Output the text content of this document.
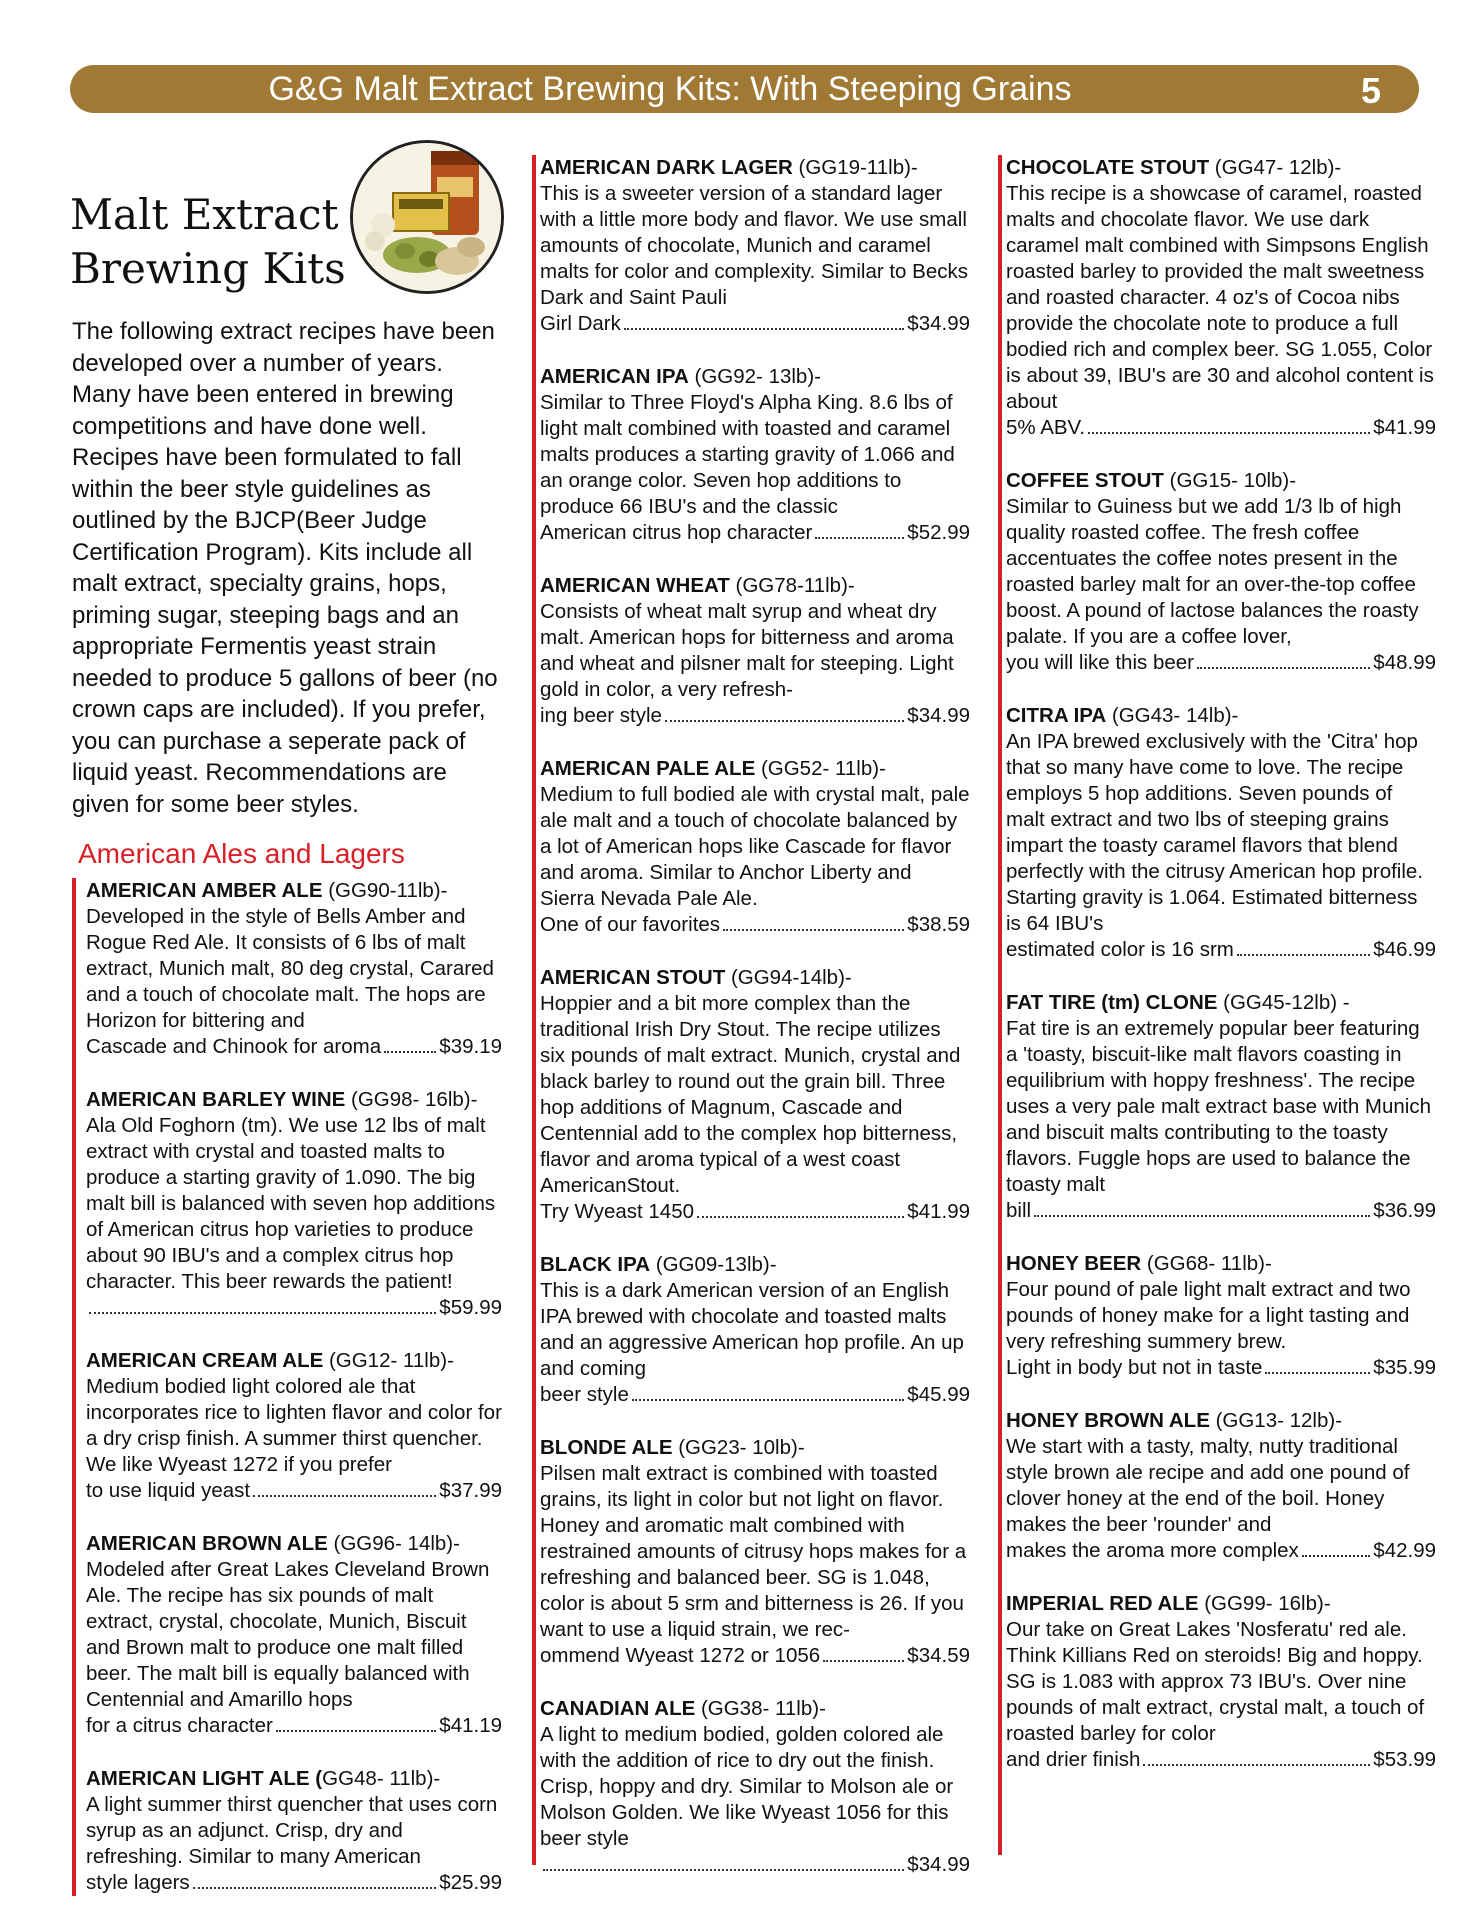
G&G Malt Extract Brewing Kits: With Steeping Grains	5
Malt Extract Brewing Kits
The following extract recipes have been developed over a number of years. Many have been entered in brewing competitions and have done well. Recipes have been formulated to fall within the beer style guidelines as outlined by the BJCP(Beer Judge Certification Program). Kits include all malt extract, specialty grains, hops, priming sugar, steeping bags and an appropriate Fermentis yeast strain needed to produce 5 gallons of beer (no crown caps are included). If you prefer, you can purchase a seperate pack of liquid yeast. Recommendations are given for some beer styles.
American Ales and Lagers
AMERICAN AMBER ALE (GG90-11lb)-
Developed in the style of Bells Amber and Rogue Red Ale. It consists of 6 lbs of malt extract, Munich malt, 80 deg crystal, Carared and a touch of chocolate malt. The hops are Horizon for bittering and
Cascade and Chinook for aroma	$39.19
AMERICAN BARLEY WINE (GG98- 16lb)-
Ala Old Foghorn (tm). We use 12 lbs of malt extract with crystal and toasted malts to produce a starting gravity of 1.090. The big malt bill is balanced with seven hop additions of American citrus hop varieties to produce about 90 IBU's and a complex citrus hop character. This beer rewards the patient!
$59.99
AMERICAN CREAM ALE (GG12- 11lb)-
Medium bodied light colored ale that incorporates rice to lighten flavor and color for a dry crisp finish. A summer thirst quencher. We like Wyeast 1272 if you prefer
to use liquid yeast	$37.99
AMERICAN BROWN ALE (GG96- 14lb)-
Modeled after Great Lakes Cleveland Brown Ale. The recipe has six pounds of malt extract, crystal, chocolate, Munich, Biscuit and Brown malt to produce one malt filled beer. The malt bill is equally balanced with Centennial and Amarillo hops
for a citrus character	$41.19
AMERICAN LIGHT ALE (GG48- 11lb)-
A light summer thirst quencher that uses corn syrup as an adjunct. Crisp, dry and refreshing. Similar to many American
style lagers	$25.99
AMERICAN DARK LAGER (GG19-11lb)-
This is a sweeter version of a standard lager with a little more body and flavor. We use small amounts of chocolate, Munich and caramel malts for color and complexity. Similar to Becks Dark and Saint Pauli
Girl Dark	$34.99
AMERICAN IPA (GG92- 13lb)-
Similar to Three Floyd's Alpha King. 8.6 lbs of light malt combined with toasted and caramel malts produces a starting gravity of 1.066 and an orange color. Seven hop additions to produce 66 IBU's and the classic
American citrus hop character	$52.99
AMERICAN WHEAT (GG78-11lb)-
Consists of wheat malt syrup and wheat dry malt. American hops for bitterness and aroma and wheat and pilsner malt for steeping. Light gold in color, a very refresh-
ing beer style	$34.99
AMERICAN PALE ALE (GG52- 11lb)-
Medium to full bodied ale with crystal malt, pale ale malt and a touch of chocolate balanced by a lot of American hops like Cascade for flavor and aroma. Similar to Anchor Liberty and Sierra Nevada Pale Ale.
One of our favorites	$38.59
AMERICAN STOUT (GG94-14lb)-
Hoppier and a bit more complex than the traditional Irish Dry Stout. The recipe utilizes six pounds of malt extract. Munich, crystal and black barley to round out the grain bill. Three hop additions of Magnum, Cascade and Centennial add to the complex hop bitterness, flavor and aroma typical of a west coast AmericanStout.
Try Wyeast 1450	$41.99
BLACK IPA (GG09-13lb)-
This is a dark American version of an English IPA brewed with chocolate and toasted malts and an aggressive American hop profile. An up and coming
beer style	$45.99
BLONDE ALE (GG23- 10lb)-
Pilsen malt extract is combined with toasted grains, its light in color but not light on flavor. Honey and aromatic malt combined with restrained amounts of citrusy hops makes for a refreshing and balanced beer. SG is 1.048, color is about 5 srm and bitterness is 26. If you want to use a liquid strain, we rec-
ommend Wyeast 1272 or 1056	$34.59
CANADIAN ALE (GG38- 11lb)-
A light to medium bodied, golden colored ale with the addition of rice to dry out the finish. Crisp, hoppy and dry. Similar to Molson ale or Molson Golden. We like Wyeast 1056 for this beer style
$34.99
CHOCOLATE STOUT (GG47- 12lb)-
This recipe is a showcase of caramel, roasted malts and chocolate flavor. We use dark caramel malt combined with Simpsons English roasted barley to provided the malt sweetness and roasted character. 4 oz's of Cocoa nibs provide the chocolate note to produce a full bodied rich and complex beer. SG 1.055, Color is about 39, IBU's are 30 and alcohol content is about
5% ABV.	$41.99
COFFEE STOUT (GG15- 10lb)-
Similar to Guiness but we add 1/3 lb of high quality roasted coffee. The fresh coffee accentuates the coffee notes present in the roasted barley malt for an over-the-top coffee boost. A pound of lactose balances the roasty palate. If you are a coffee lover,
you will like this beer	$48.99
CITRA IPA (GG43- 14lb)-
An IPA brewed exclusively with the 'Citra' hop that so many have come to love. The recipe employs 5 hop additions. Seven pounds of malt extract and two lbs of steeping grains impart the toasty caramel flavors that blend perfectly with the citrusy American hop profile. Starting gravity is 1.064. Estimated bitterness is 64 IBU's
estimated color is 16 srm	$46.99
FAT TIRE (tm) CLONE (GG45-12lb) -
Fat tire is an extremely popular beer featuring a 'toasty, biscuit-like malt flavors coasting in equilibrium with hoppy freshness'. The recipe uses a very pale malt extract base with Munich and biscuit malts contributing to the toasty flavors. Fuggle hops are used to balance the toasty malt
bill	$36.99
HONEY BEER (GG68- 11lb)-
Four pound of pale light malt extract and two pounds of honey make for a light tasting and very refreshing summery brew.
Light in body but not in taste	$35.99
HONEY BROWN ALE (GG13- 12lb)-
We start with a tasty, malty, nutty traditional style brown ale recipe and add one pound of clover honey at the end of the boil. Honey makes the beer 'rounder' and
makes the aroma more complex	$42.99
IMPERIAL RED ALE (GG99- 16lb)-
Our take on Great Lakes 'Nosferatu' red ale. Think Killians Red on steroids! Big and hoppy. SG is 1.083 with approx 73 IBU's. Over nine pounds of malt extract, crystal malt, a touch of roasted barley for color
and drier finish	$53.99
